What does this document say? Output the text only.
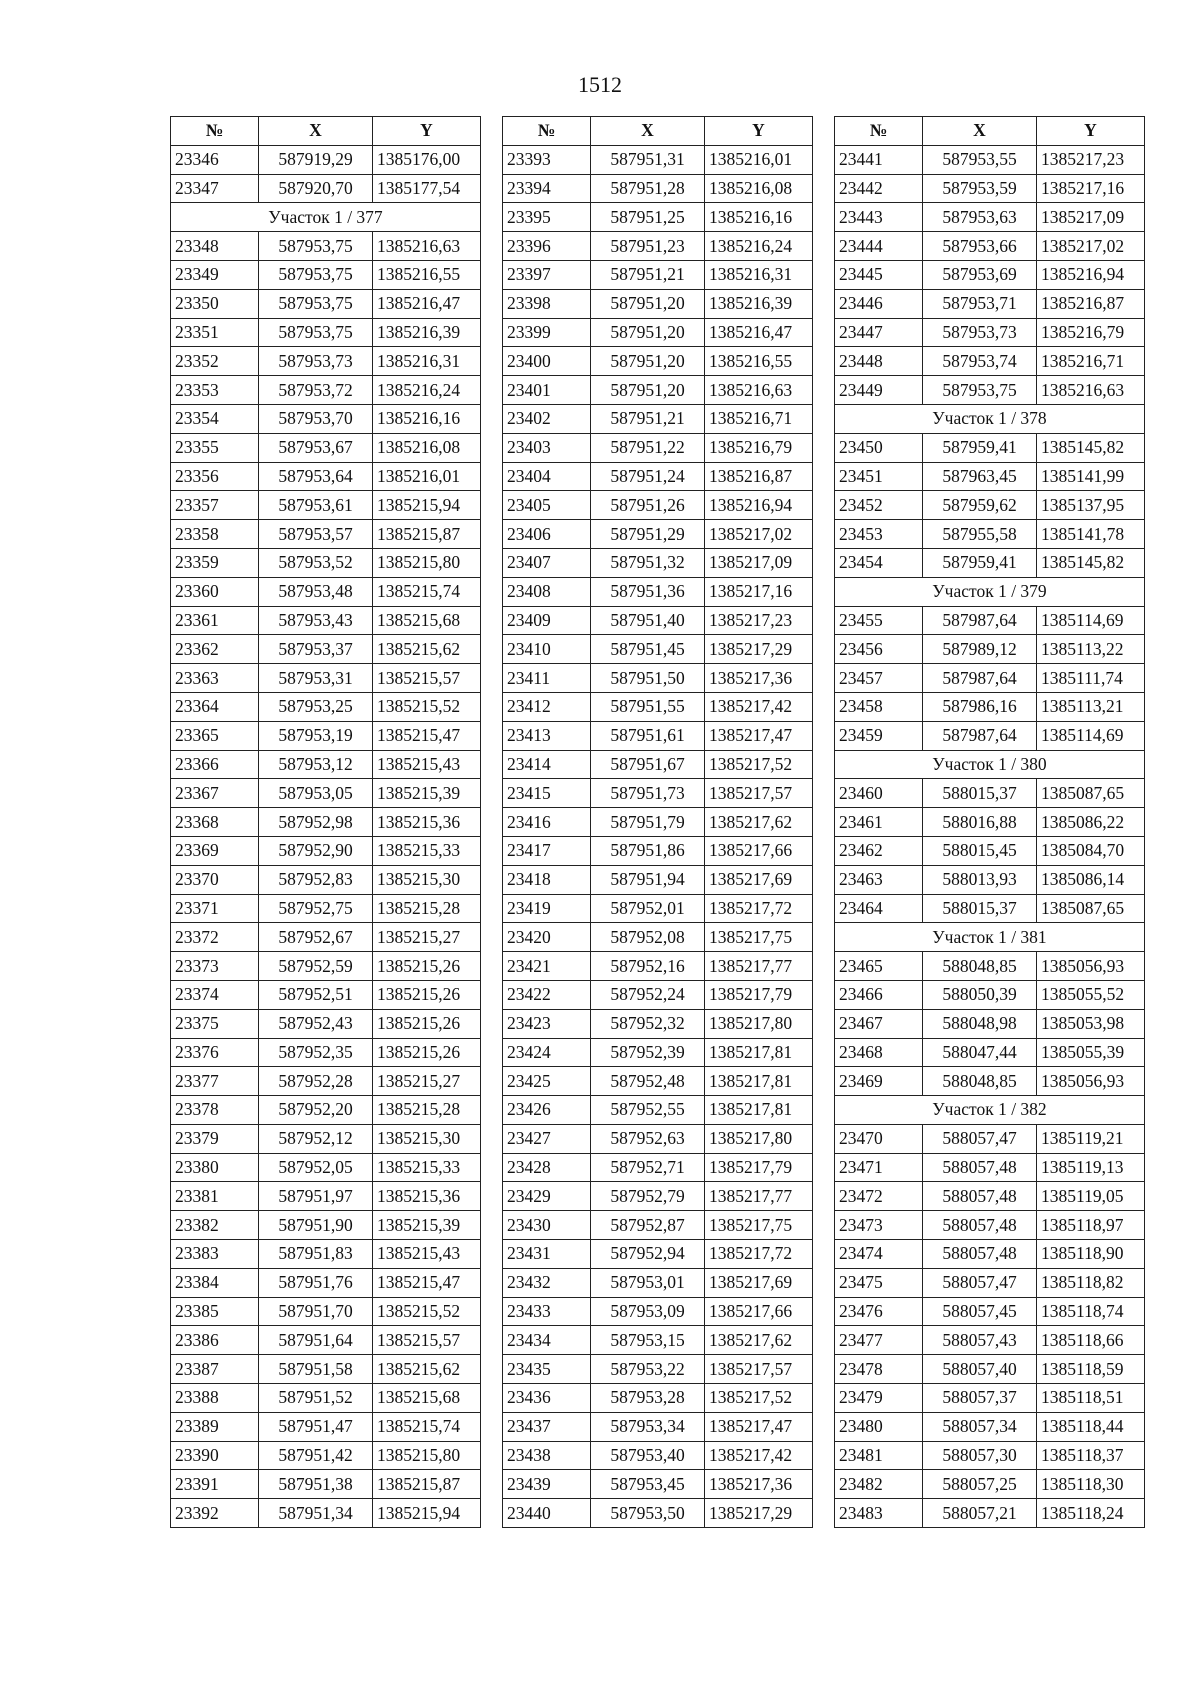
1512
№	X	Y
23346	587919,29	1385176,00
23347	587920,70	1385177,54
Участок 1 / 377		
23348	587953,75	1385216,63
23349	587953,75	1385216,55
23350	587953,75	1385216,47
23351	587953,75	1385216,39
23352	587953,73	1385216,31
23353	587953,72	1385216,24
23354	587953,70	1385216,16
23355	587953,67	1385216,08
23356	587953,64	1385216,01
23357	587953,61	1385215,94
23358	587953,57	1385215,87
23359	587953,52	1385215,80
23360	587953,48	1385215,74
23361	587953,43	1385215,68
23362	587953,37	1385215,62
23363	587953,31	1385215,57
23364	587953,25	1385215,52
23365	587953,19	1385215,47
23366	587953,12	1385215,43
23367	587953,05	1385215,39
23368	587952,98	1385215,36
23369	587952,90	1385215,33
23370	587952,83	1385215,30
23371	587952,75	1385215,28
23372	587952,67	1385215,27
23373	587952,59	1385215,26
23374	587952,51	1385215,26
23375	587952,43	1385215,26
23376	587952,35	1385215,26
23377	587952,28	1385215,27
23378	587952,20	1385215,28
23379	587952,12	1385215,30
23380	587952,05	1385215,33
23381	587951,97	1385215,36
23382	587951,90	1385215,39
23383	587951,83	1385215,43
23384	587951,76	1385215,47
23385	587951,70	1385215,52
23386	587951,64	1385215,57
23387	587951,58	1385215,62
23388	587951,52	1385215,68
23389	587951,47	1385215,74
23390	587951,42	1385215,80
23391	587951,38	1385215,87
23392	587951,34	1385215,94
№	X	Y
23393	587951,31	1385216,01
23394	587951,28	1385216,08
23395	587951,25	1385216,16
23396	587951,23	1385216,24
23397	587951,21	1385216,31
23398	587951,20	1385216,39
23399	587951,20	1385216,47
23400	587951,20	1385216,55
23401	587951,20	1385216,63
23402	587951,21	1385216,71
23403	587951,22	1385216,79
23404	587951,24	1385216,87
23405	587951,26	1385216,94
23406	587951,29	1385217,02
23407	587951,32	1385217,09
23408	587951,36	1385217,16
23409	587951,40	1385217,23
23410	587951,45	1385217,29
23411	587951,50	1385217,36
23412	587951,55	1385217,42
23413	587951,61	1385217,47
23414	587951,67	1385217,52
23415	587951,73	1385217,57
23416	587951,79	1385217,62
23417	587951,86	1385217,66
23418	587951,94	1385217,69
23419	587952,01	1385217,72
23420	587952,08	1385217,75
23421	587952,16	1385217,77
23422	587952,24	1385217,79
23423	587952,32	1385217,80
23424	587952,39	1385217,81
23425	587952,48	1385217,81
23426	587952,55	1385217,81
23427	587952,63	1385217,80
23428	587952,71	1385217,79
23429	587952,79	1385217,77
23430	587952,87	1385217,75
23431	587952,94	1385217,72
23432	587953,01	1385217,69
23433	587953,09	1385217,66
23434	587953,15	1385217,62
23435	587953,22	1385217,57
23436	587953,28	1385217,52
23437	587953,34	1385217,47
23438	587953,40	1385217,42
23439	587953,45	1385217,36
23440	587953,50	1385217,29
№	X	Y
23441	587953,55	1385217,23
23442	587953,59	1385217,16
23443	587953,63	1385217,09
23444	587953,66	1385217,02
23445	587953,69	1385216,94
23446	587953,71	1385216,87
23447	587953,73	1385216,79
23448	587953,74	1385216,71
23449	587953,75	1385216,63
Участок 1 / 378		
23450	587959,41	1385145,82
23451	587963,45	1385141,99
23452	587959,62	1385137,95
23453	587955,58	1385141,78
23454	587959,41	1385145,82
Участок 1 / 379		
23455	587987,64	1385114,69
23456	587989,12	1385113,22
23457	587987,64	1385111,74
23458	587986,16	1385113,21
23459	587987,64	1385114,69
Участок 1 / 380		
23460	588015,37	1385087,65
23461	588016,88	1385086,22
23462	588015,45	1385084,70
23463	588013,93	1385086,14
23464	588015,37	1385087,65
Участок 1 / 381		
23465	588048,85	1385056,93
23466	588050,39	1385055,52
23467	588048,98	1385053,98
23468	588047,44	1385055,39
23469	588048,85	1385056,93
Участок 1 / 382		
23470	588057,47	1385119,21
23471	588057,48	1385119,13
23472	588057,48	1385119,05
23473	588057,48	1385118,97
23474	588057,48	1385118,90
23475	588057,47	1385118,82
23476	588057,45	1385118,74
23477	588057,43	1385118,66
23478	588057,40	1385118,59
23479	588057,37	1385118,51
23480	588057,34	1385118,44
23481	588057,30	1385118,37
23482	588057,25	1385118,30
23483	588057,21	1385118,24
